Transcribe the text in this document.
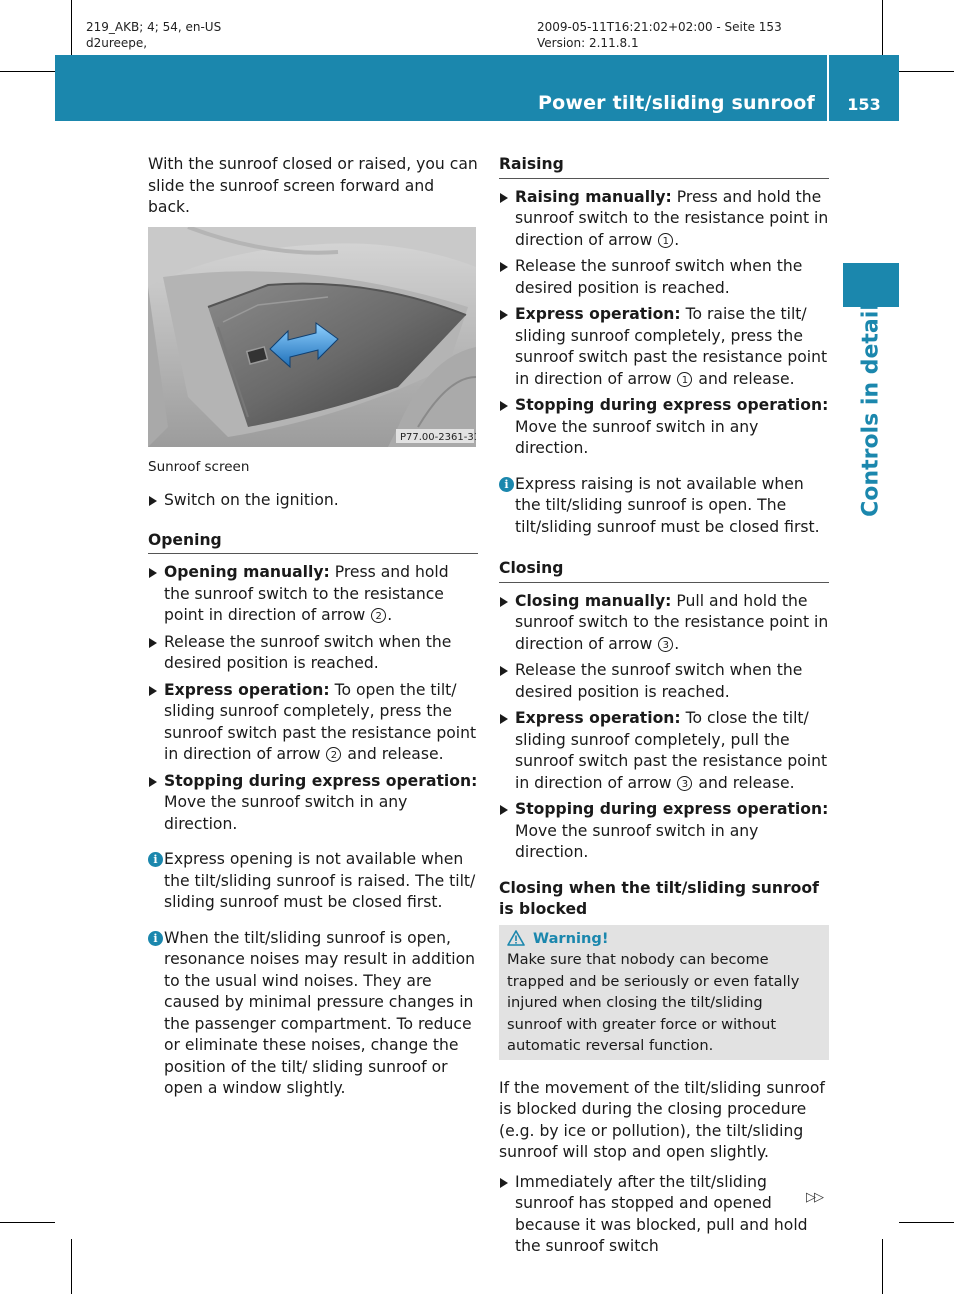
219_AKB; 4; 54, en-US
d2ureepe,
2009-05-11T16:21:02+02:00 - Seite 153
Version: 2.11.8.1
Power tilt/sliding sunroof	153
Controls in detail

With the sunroof closed or raised, you can slide the sunroof screen forward and back.

P77.00-2361-31

Sunroof screen

Switch on the ignition.
Opening
Opening manually: Press and hold the sunroof switch to the resistance point in direction of arrow 2 .
Release the sunroof switch when the desired position is reached.
Express operation: To open the tilt/ sliding sunroof completely, press the sunroof switch past the resistance point in direction of arrow 2 and release.
Stopping during express operation: Move the sunroof switch in any direction.
i Express opening is not available when the tilt/sliding sunroof is raised. The tilt/ sliding sunroof must be closed first.
i When the tilt/sliding sunroof is open, resonance noises may result in addition to the usual wind noises. They are caused by minimal pressure changes in the passenger compartment. To reduce or eliminate these noises, change the position of the tilt/ sliding sunroof or open a window slightly.
Raising
Raising manually: Press and hold the sunroof switch to the resistance point in direction of arrow 1 .
Release the sunroof switch when the desired position is reached.
Express operation: To raise the tilt/ sliding sunroof completely, press the sunroof switch past the resistance point in direction of arrow 1 and release.
Stopping during express operation: Move the sunroof switch in any direction.
i Express raising is not available when the tilt/sliding sunroof is open. The tilt/sliding sunroof must be closed first.
Closing
Closing manually: Pull and hold the sunroof switch to the resistance point in direction of arrow 3 .
Release the sunroof switch when the desired position is reached.
Express operation: To close the tilt/ sliding sunroof completely, pull the sunroof switch past the resistance point in direction of arrow 3 and release.
Stopping during express operation: Move the sunroof switch in any direction.
Closing when the tilt/sliding sunroof is blocked
Warning!
Make sure that nobody can become trapped and be seriously or even fatally injured when closing the tilt/sliding sunroof with greater force or without automatic reversal function.

If the movement of the tilt/sliding sunroof is blocked during the closing procedure (e.g. by ice or pollution), the tilt/sliding sunroof will stop and open slightly.

Immediately after the tilt/sliding sunroof has stopped and opened because it was blocked, pull and hold the sunroof switch
▷▷
